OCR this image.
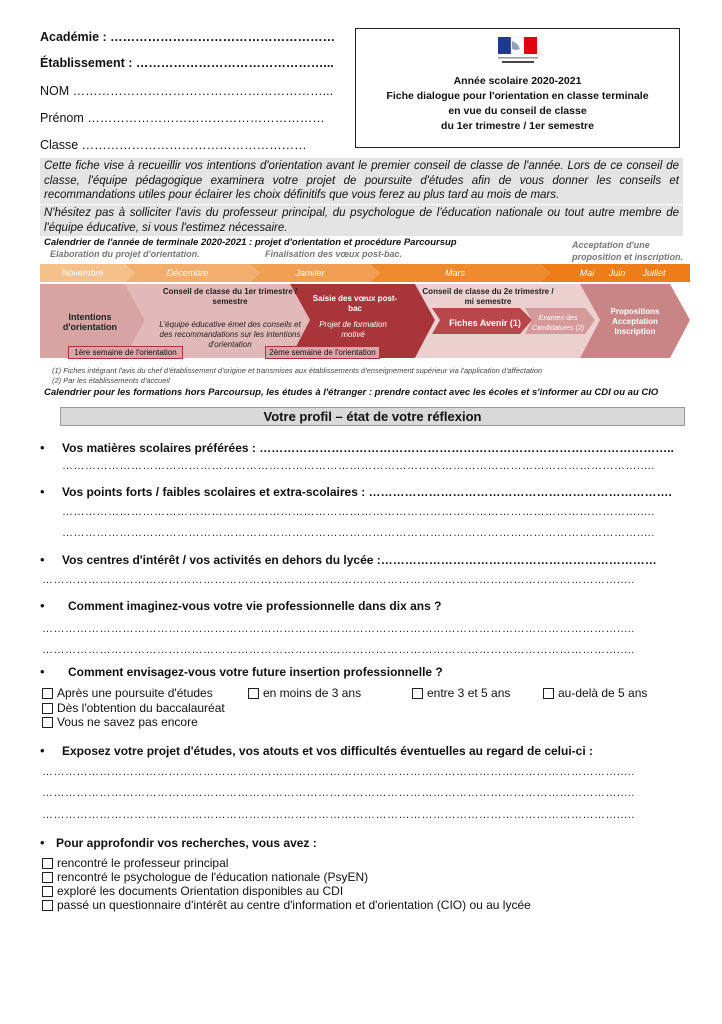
Académie : ………………………………………………
Établissement : ………………………………………...
NOM ……………………………………………………...
Prénom …………………………………………………
Classe ………………………………………………
Année scolaire 2020-2021
Fiche dialogue pour l'orientation en classe terminale
en vue du conseil de classe
du 1er trimestre / 1er semestre
Cette fiche vise à recueillir vos intentions d'orientation avant le premier conseil de classe de l'année. Lors de ce conseil de classe, l'équipe pédagogique examinera votre projet de poursuite d'études afin de vous donner les conseils et recommandations utiles pour éclairer les choix définitifs que vous ferez au plus tard au mois de mars.
N'hésitez pas à solliciter l'avis du professeur principal, du psychologue de l'éducation nationale ou tout autre membre de l'équipe éducative, si vous l'estimez nécessaire.
Calendrier de l'année de terminale 2020-2021 : projet d'orientation et procédure Parcoursup
Elaboration du projet d'orientation.	Finalisation des vœux post-bac.
Acceptation d'une proposition et inscription.
Novembre	Décembre	Janvier	Mars	Mai	Juin	Juillet
Intentions d'orientation
Conseil de classe du 1er trimestre / semestre
L'équipe éducative émet des conseils et des recommandations sur les intentions d'orientation
Saisie des vœux post-bac
Projet de formation motivé
Conseil de classe du 2e trimestre / mi semestre
Fiches Avenir (1)	Examen des Candidatures (2)
Propositions Acceptation Inscription
1ère semaine de l'orientation	2ème semaine de l'orientation
(1) Fiches intégrant l'avis du chef d'établissement d'origine et transmises aux établissements d'enseignement supérieur via l'application d'affectation
(2) Par les établissements d'accueil
Calendrier pour les formations hors Parcoursup, les études à l'étranger : prendre contact avec les écoles et s'informer au CDI ou au CIO
Votre profil – état de votre réflexion
• Vos matières scolaires préférées : …………………………………………………………………………………………..
…………………………………………………………………………………………………………………………………….....
• Vos points forts / faibles scolaires et extra-scolaires : ………………………………………………………………….
…………………………………………………………………………………………………………………………………….....
…………………………………………………………………………………………………………………………………….....
• Vos centres d'intérêt / vos activités en dehors du lycée :……………………………………………………………
…………………………………………………………………………………………………………………………………….....
• Comment imaginez-vous votre vie professionnelle dans dix ans ?
…………………………………………………………………………………………………………………………………….....
…………………………………………………………………………………………………………………………………….....
• Comment envisagez-vous votre future insertion professionnelle ?
Après une poursuite d'études	en moins de 3 ans	entre 3 et 5 ans	au-delà de 5 ans
Dès l'obtention du baccalauréat
Vous ne savez pas encore
• Exposez votre projet d'études, vos atouts et vos difficultés éventuelles au regard de celui-ci :
…………………………………………………………………………………………………………………………………….....
…………………………………………………………………………………………………………………………………….....
…………………………………………………………………………………………………………………………………….....
• Pour approfondir vos recherches, vous avez :
rencontré le professeur principal
rencontré le psychologue de l'éducation nationale (PsyEN)
exploré les documents Orientation disponibles au CDI
passé un questionnaire d'intérêt au centre d'information et d'orientation (CIO) ou au lycée
